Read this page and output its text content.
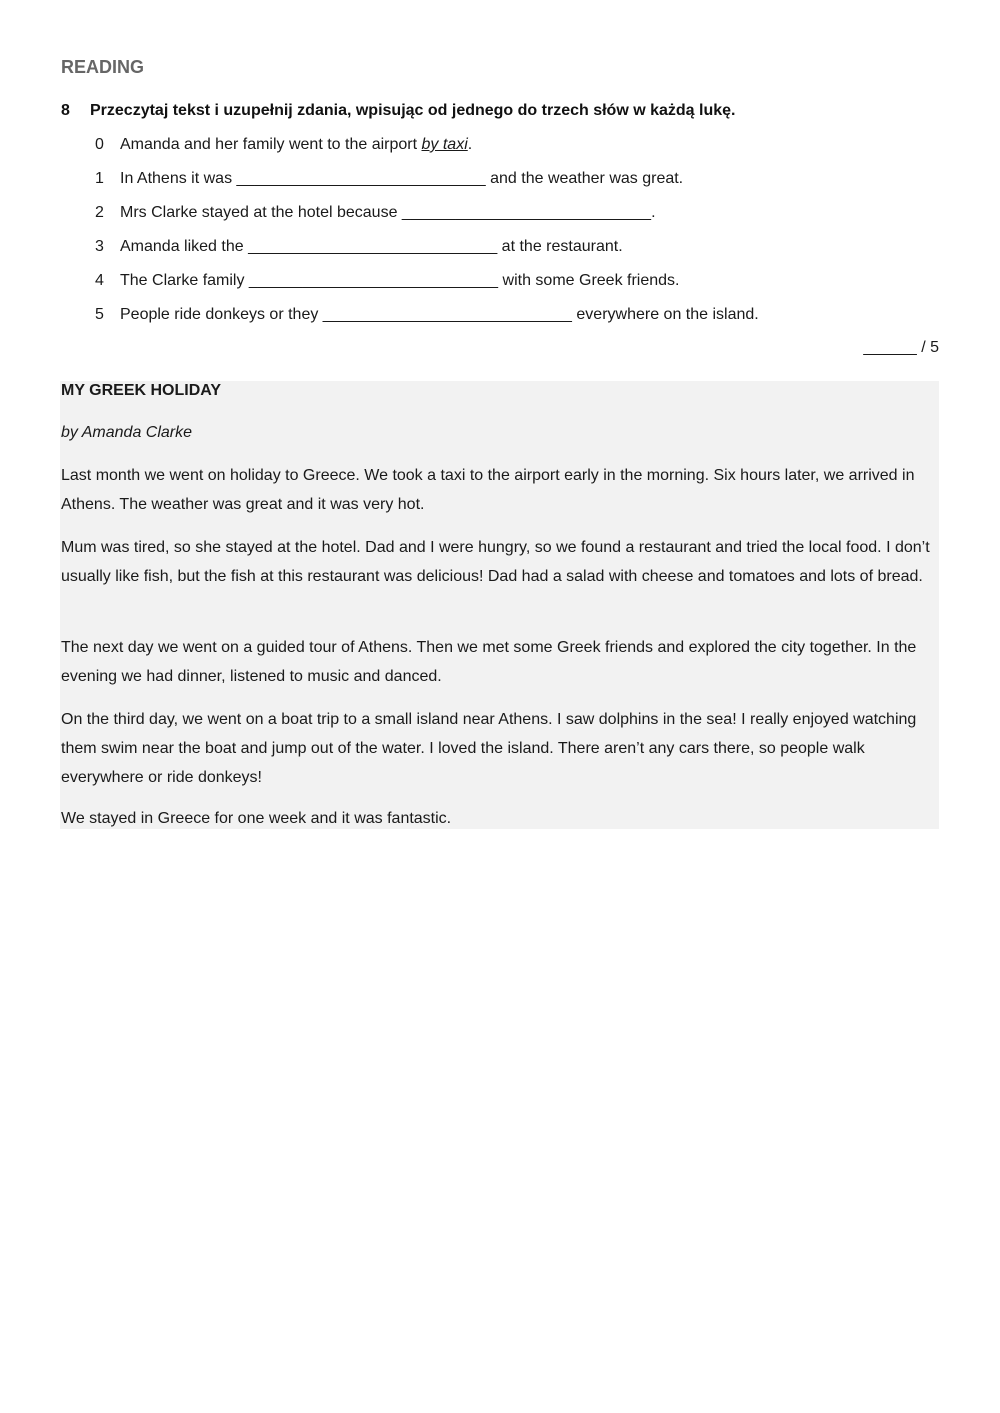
READING
8 Przeczytaj tekst i uzupełnij zdania, wpisując od jednego do trzech słów w każdą lukę.
0 Amanda and her family went to the airport by taxi.
1 In Athens it was ____________________________ and the weather was great.
2 Mrs Clarke stayed at the hotel because ____________________________.
3 Amanda liked the ____________________________ at the restaurant.
4 The Clarke family ____________________________ with some Greek friends.
5 People ride donkeys or they ____________________________ everywhere on the island.
______ / 5
MY GREEK HOLIDAY
by Amanda Clarke

Last month we went on holiday to Greece. We took a taxi to the airport early in the morning. Six hours later, we arrived in Athens. The weather was great and it was very hot.

Mum was tired, so she stayed at the hotel. Dad and I were hungry, so we found a restaurant and tried the local food. I don’t usually like fish, but the fish at this restaurant was delicious! Dad had a salad with cheese and tomatoes and lots of bread.

The next day we went on a guided tour of Athens. Then we met some Greek friends and explored the city together. In the evening we had dinner, listened to music and danced.

On the third day, we went on a boat trip to a small island near Athens. I saw dolphins in the sea! I really enjoyed watching them swim near the boat and jump out of the water. I loved the island. There aren’t any cars there, so people walk everywhere or ride donkeys!

We stayed in Greece for one week and it was fantastic.
